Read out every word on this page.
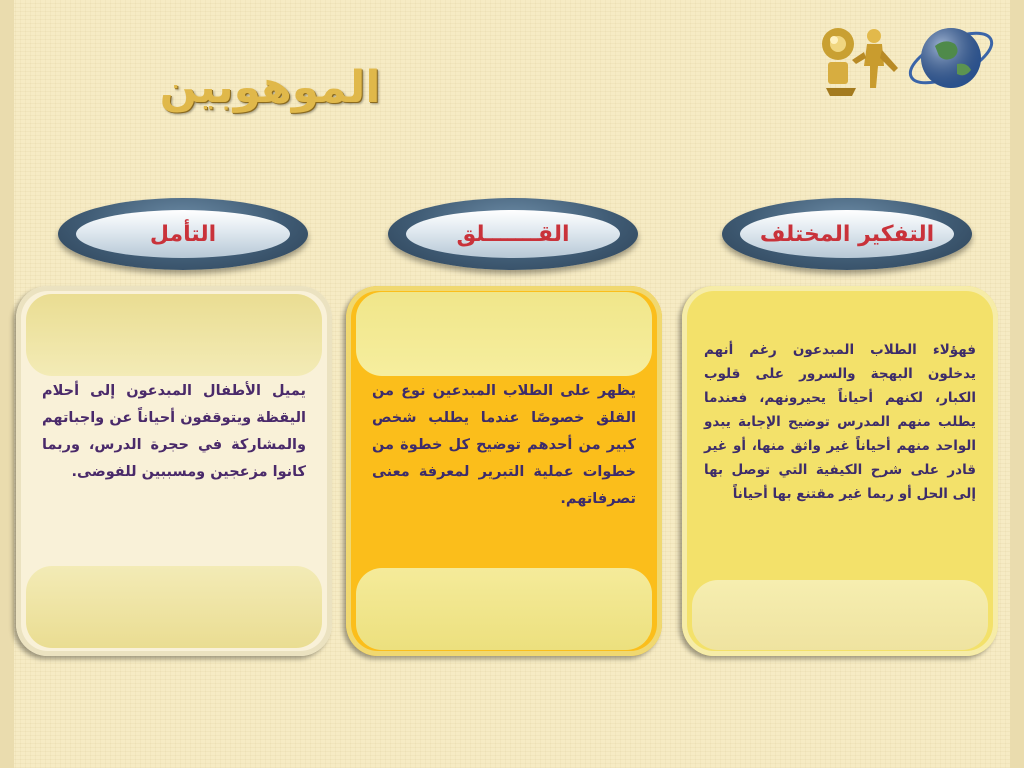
الموهوبين
التأمل	القـــــــلق	التفكير المختلف
يميل الأطفال المبدعون إلى أحلام اليقظة ويتوقفون أحياناً عن واجباتهم والمشاركة في حجرة الدرس، وربما كانوا مزعجين ومسببين للفوضى.
يظهر على الطلاب المبدعين نوع من القلق خصوصًا عندما يطلب شخص كبير من أحدهم توضيح كل خطوة من خطوات عملية التبرير لمعرفة معنى تصرفاتهم.
فهؤلاء الطلاب المبدعون رغم أنهم يدخلون البهجة والسرور على قلوب الكبار، لكنهم أحياناً يحيرونهم، فعندما يطلب منهم المدرس توضيح الإجابة يبدو الواحد منهم أحياناً غير واثق منها، أو غير قادر على شرح الكيفية التي توصل بها إلى الحل أو ربما غير مقتنع بها أحياناً
